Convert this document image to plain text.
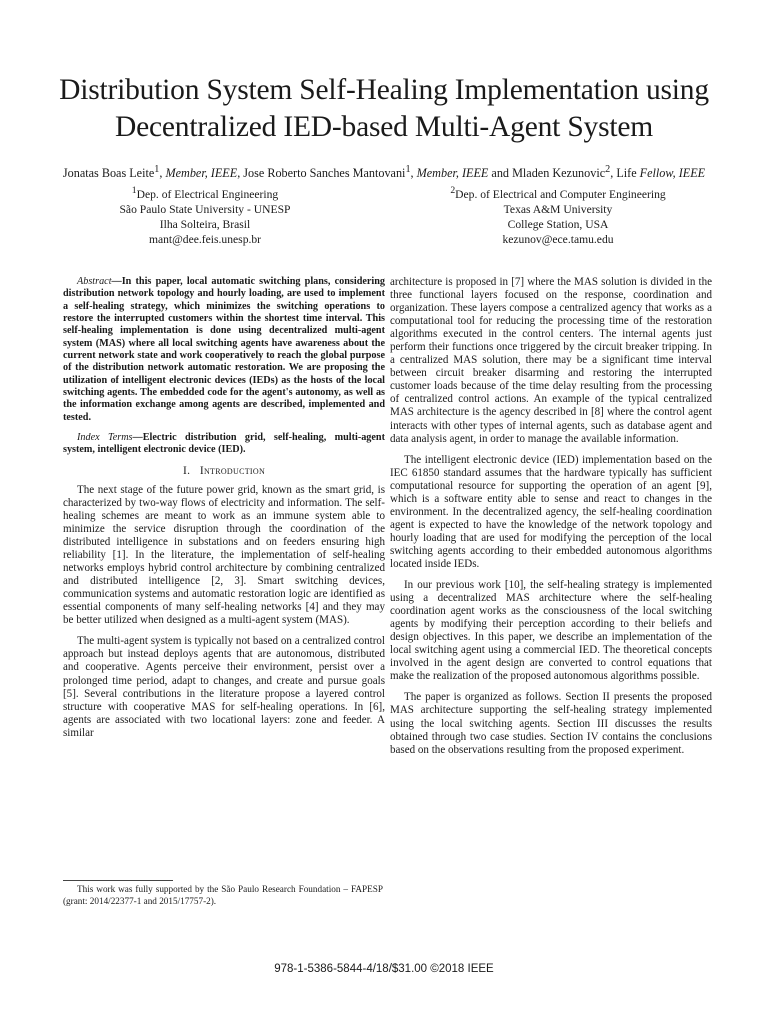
Distribution System Self-Healing Implementation using
Decentralized IED-based Multi-Agent System
Jonatas Boas Leite$^1$, Member, IEEE, Jose Roberto Sanches Mantovani$^1$, Member, IEEE and Mladen Kezunovic$^2$, Life Fellow, IEEE
$^1$Dep. of Electrical Engineering
São Paulo State University - UNESP
Ilha Solteira, Brasil
mant@dee.feis.unesp.br
$^2$Dep. of Electrical and Computer Engineering
Texas A&M University
College Station, USA
kezunov@ece.tamu.edu

Abstract—In this paper, local automatic switching plans, considering distribution network topology and hourly loading, are used to implement a self-healing strategy, which minimizes the switching operations to restore the interrupted customers within the shortest time interval. This self-healing implementation is done using decentralized multi-agent system (MAS) where all local switching agents have awareness about the current network state and work cooperatively to reach the global purpose of the distribution network automatic restoration. We are proposing the utilization of intelligent electronic devices (IEDs) as the hosts of the local switching agents. The embedded code for the agent's autonomy, as well as the information exchange among agents are described, implemented and tested.

Index Terms—Electric distribution grid, self-healing, multi-agent system, intelligent electronic device (IED).

I. Introduction

The next stage of the future power grid, known as the smart grid, is characterized by two-way flows of electricity and information. The self-healing schemes are meant to work as an immune system able to minimize the service disruption through the coordination of the distributed intelligence in substations and on feeders ensuring high reliability [1]. In the literature, the implementation of self-healing networks employs hybrid control architecture by combining centralized and distributed intelligence [2, 3]. Smart switching devices, communication systems and automatic restoration logic are identified as essential components of many self-healing networks [4] and they may be better utilized when designed as a multi-agent system (MAS).

The multi-agent system is typically not based on a centralized control approach but instead deploys agents that are autonomous, distributed and cooperative. Agents perceive their environment, persist over a prolonged time period, adapt to changes, and create and pursue goals [5]. Several contributions in the literature propose a layered control structure with cooperative MAS for self-healing operations. In [6], agents are associated with two locational layers: zone and feeder. A similar

architecture is proposed in [7] where the MAS solution is divided in the three functional layers focused on the response, coordination and organization. These layers compose a centralized agency that works as a computational tool for reducing the processing time of the restoration algorithms executed in the control centers. The internal agents just perform their functions once triggered by the circuit breaker tripping. In a centralized MAS solution, there may be a significant time interval between circuit breaker disarming and restoring the interrupted customer loads because of the time delay resulting from the processing of centralized control actions. An example of the typical centralized MAS architecture is the agency described in [8] where the control agent interacts with other types of internal agents, such as database agent and data analysis agent, in order to manage the available information.

The intelligent electronic device (IED) implementation based on the IEC 61850 standard assumes that the hardware typically has sufficient computational resource for supporting the operation of an agent [9], which is a software entity able to sense and react to changes in the environment. In the decentralized agency, the self-healing coordination agent is expected to have the knowledge of the network topology and hourly loading that are used for modifying the perception of the local switching agents according to their embedded autonomous algorithms located inside IEDs.

In our previous work [10], the self-healing strategy is implemented using a decentralized MAS architecture where the self-healing coordination agent works as the consciousness of the local switching agents by modifying their perception according to their beliefs and design objectives. In this paper, we describe an implementation of the local switching agent using a commercial IED. The theoretical concepts involved in the agent design are converted to control equations that make the realization of the proposed autonomous algorithms possible.

The paper is organized as follows. Section II presents the proposed MAS architecture supporting the self-healing strategy implemented using the local switching agents. Section III discusses the results obtained through two case studies. Section IV contains the conclusions based on the observations resulting from the proposed experiment.

This work was fully supported by the São Paulo Research Foundation – FAPESP (grant: 2014/22377-1 and 2015/17757-2).
978-1-5386-5844-4/18/$31.00 ©2018 IEEE
